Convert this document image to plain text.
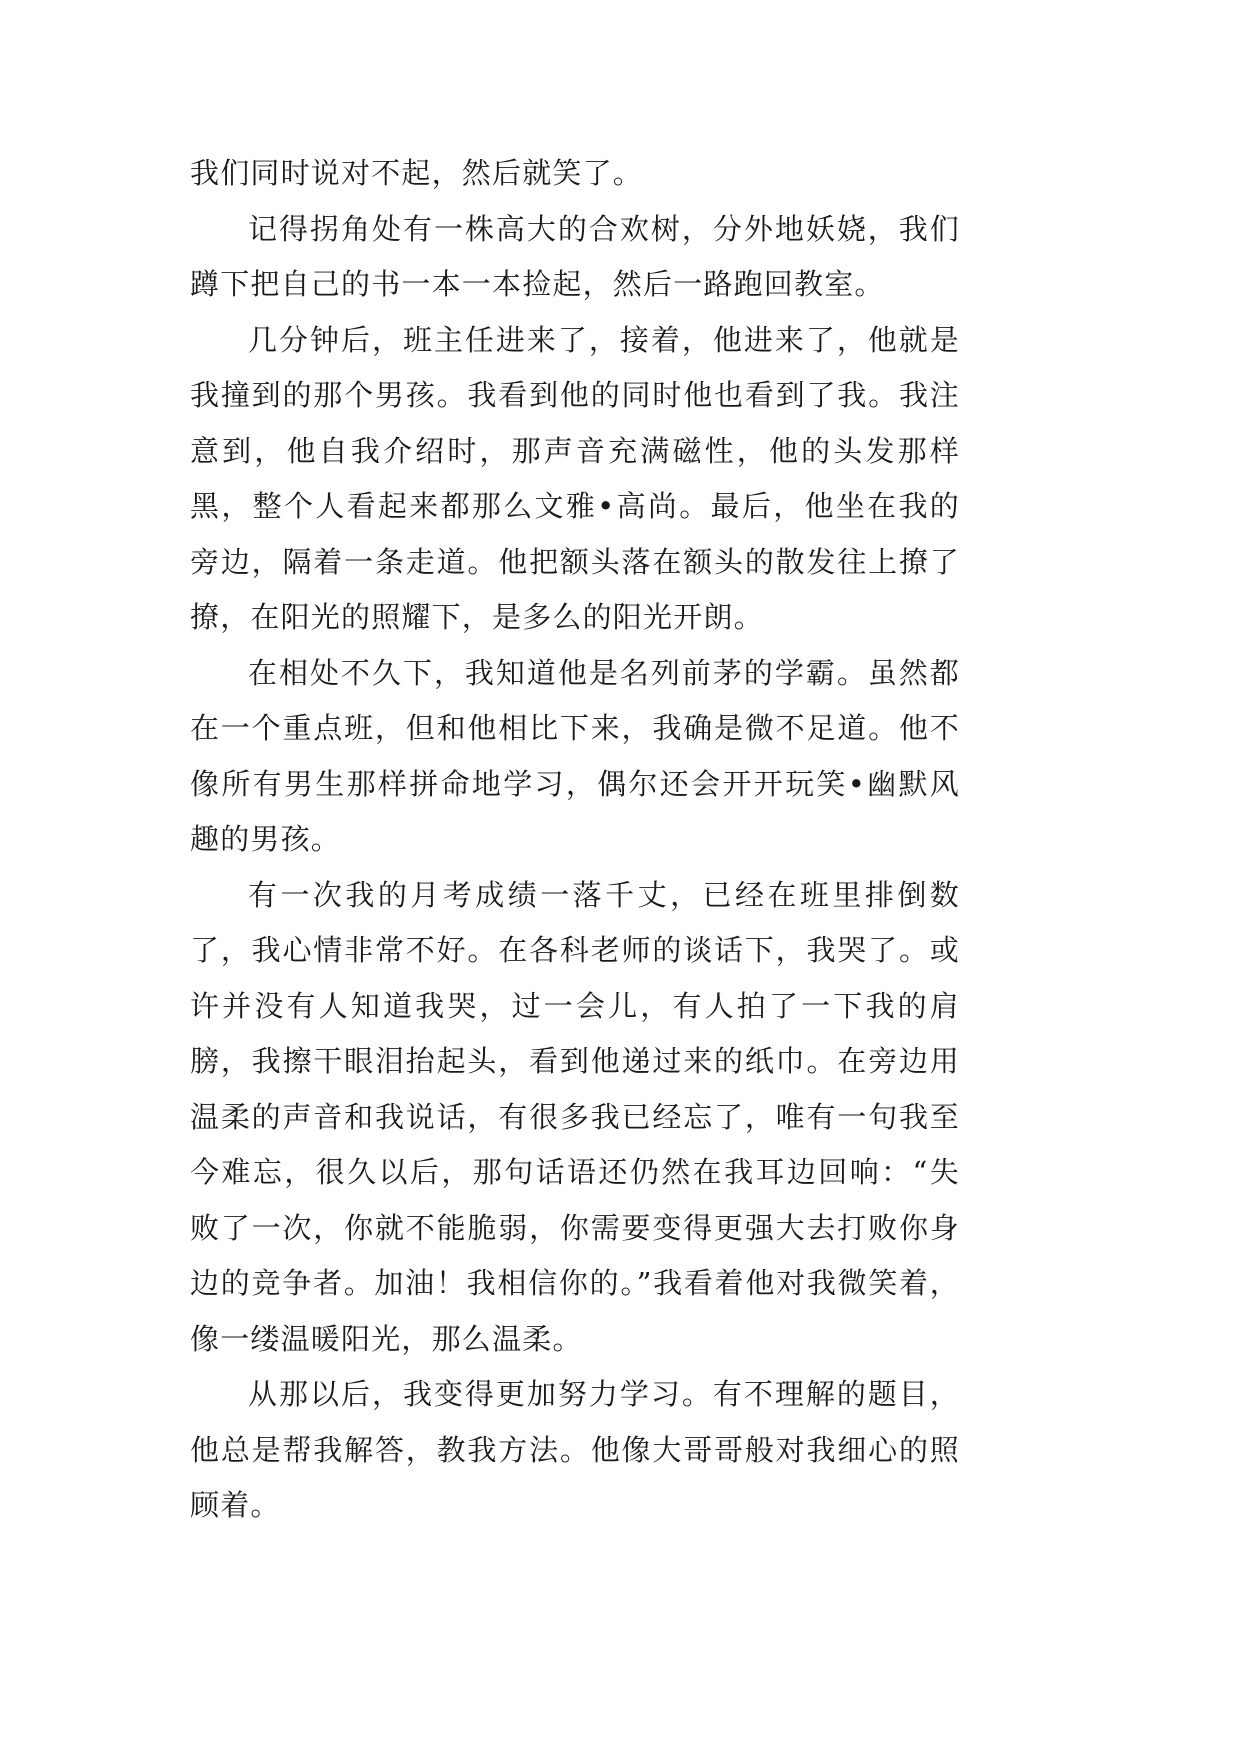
我们同时说对不起，然后就笑了。

记得拐角处有一株高大的合欢树，分外地妖娆，我们蹲下把自己的书一本一本捡起，然后一路跑回教室。

几分钟后，班主任进来了，接着，他进来了，他就是我撞到的那个男孩。我看到他的同时他也看到了我。我注意到，他自我介绍时，那声音充满磁性，他的头发那样黑，整个人看起来都那么文雅•高尚。最后，他坐在我的旁边，隔着一条走道。他把额头落在额头的散发往上撩了撩，在阳光的照耀下，是多么的阳光开朗。

在相处不久下，我知道他是名列前茅的学霸。虽然都在一个重点班，但和他相比下来，我确是微不足道。他不像所有男生那样拼命地学习，偶尔还会开开玩笑•幽默风趣的男孩。

有一次我的月考成绩一落千丈，已经在班里排倒数了，我心情非常不好。在各科老师的谈话下，我哭了。或许并没有人知道我哭，过一会儿，有人拍了一下我的肩膀，我擦干眼泪抬起头，看到他递过来的纸巾。在旁边用温柔的声音和我说话，有很多我已经忘了，唯有一句我至今难忘，很久以后，那句话语还仍然在我耳边回响：“失败了一次，你就不能脆弱，你需要变得更强大去打败你身边的竞争者。加油！我相信你的。”我看着他对我微笑着，像一缕温暖阳光，那么温柔。

从那以后，我变得更加努力学习。有不理解的题目，他总是帮我解答，教我方法。他像大哥哥般对我细心的照顾着。
